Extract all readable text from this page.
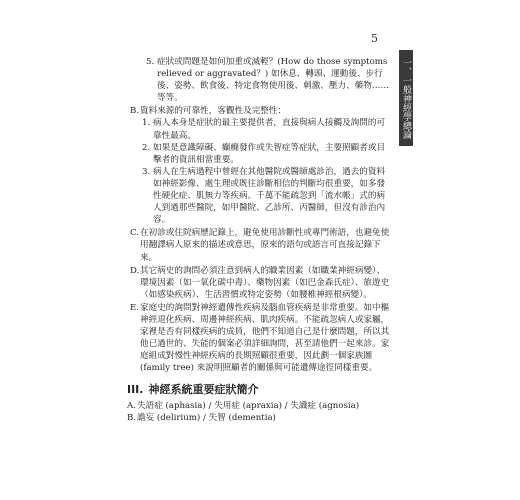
5
一、一般神經學總論
5. 症狀或問題是如何加重或減輕？(How do those symptoms relieved or aggravated？) 如休息、轉頭、運動後、步行後、姿勢、飲食後、特定食物使用後、刺激、壓力、藥物……等等。
B. 資料來源的可靠性，客觀性及完整性：
1. 病人本身是症狀的最主要提供者，直接與病人接觸及詢問的可靠性最高。
2. 如果是意識障礙、癲癇發作或失智症等症狀，主要照顧者或目擊者的資訊相當重要。
3. 病人在生病過程中曾經在其他醫院或醫師處診治，過去的資料如神經影像、處生理或既往診斷相信的判斷均很重要，如多發性硬化症、肌無力等疾病。千萬不能疏忽到「流水帳」式的病人到過那些醫院，如甲醫院、乙診所、丙醫師，但沒有診治內容。
C. 在初診或住院病歷記錄上，避免使用診斷性或專門術語，也避免使用翻譯病人原來的描述或意思，原來的語句或語言可直接記錄下來。
D. 其它病史的詢問必須注意到病人的職業因素（如職業神經病變）、環境因素（如一氧化碳中毒）、藥物因素（如巴金森氏症）、旅遊史（如感染疾病）、生活習慣或特定姿勢（如腰椎神經根病變）。
E. 家庭史的詢問對神經遺傳性疾病及腦血管疾病是非常重要。如中樞神經退化疾病、周邊神經疾病、肌肉疾病。不能疏忽病人或家屬，家裡是否有同樣疾病的成員，他們不知道自己是什麼問題，所以其他已過世的、失能的個案必須詳細詢問，甚至請他們一起來診。家庭組成對慢性神經疾病的長期照顧很重要，因此劃一個家族圖 (family tree) 來說明照顧者的關係與可能遺傳途徑同樣重要。
III. 神經系統重要症狀簡介
A. 失語症 (aphasia) / 失用症 (apraxia) / 失識症 (agnosia)
B. 譫妄 (delirium) / 失智 (dementia)
